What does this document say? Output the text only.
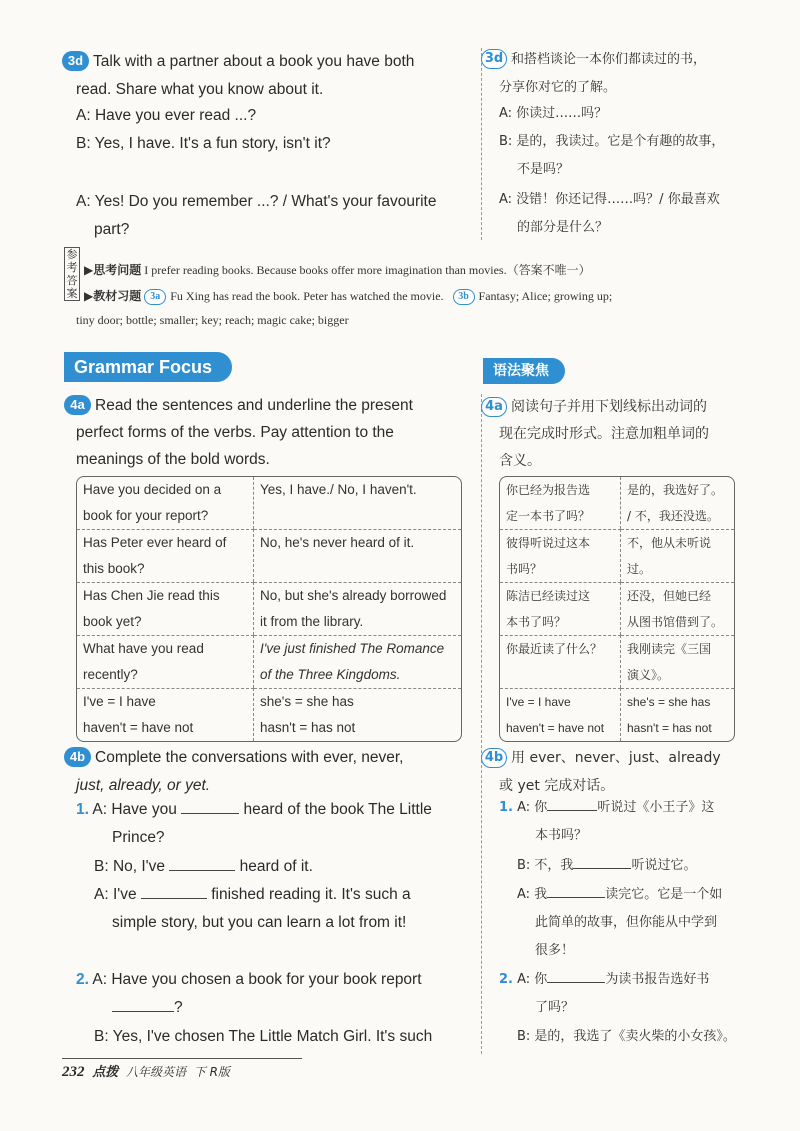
3d Talk with a partner about a book you have both
read. Share what you know about it.
A: Have you ever read ...?
B: Yes, I have. It's a fun story, isn't it?
A: Yes! Do you remember ...? / What's your favourite
part?
3d 和搭档谈论一本你们都读过的书，
分享你对它的了解。
A: 你读过……吗？
B: 是的，我读过。它是个有趣的故事，
不是吗？
A: 没错！你还记得……吗？/ 你最喜欢
的部分是什么？
参考答案
▶思考问题 I prefer reading books. Because books offer more imagination than movies.（答案不唯一）
▶教材习题 3a Fu Xing has read the book. Peter has watched the movie. 3b Fantasy; Alice; growing up;
tiny door; bottle; smaller; key; reach; magic cake; bigger
Grammar Focus	语法聚焦
4a Read the sentences and underline the present
perfect forms of the verbs. Pay attention to the
meanings of the bold words.
Have you decided on a
book for your report?	Yes, I have./ No, I haven't.

Has Peter ever heard of
this book?	No, he's never heard of it.

Has Chen Jie read this
book yet?	No, but she's already borrowed
it from the library.
What have you read
recently?	I've just finished The Romance
of the Three Kingdoms.
I've = I have
haven't = have not	she's = she has
hasn't = has not
4a 阅读句子并用下划线标出动词的
现在完成时形式。注意加粗单词的
含义。
你已经为报告选
定一本书了吗？	是的，我选好了。
/ 不，我还没选。
彼得听说过这本
书吗？	不，他从未听说
过。
陈洁已经读过这
本书了吗？	还没，但她已经
从图书馆借到了。
你最近读了什么？	我刚读完《三国
演义》。
I've = I have
haven't = have not	she's = she has
hasn't = has not
4b Complete the conversations with ever, never,
just, already, or yet.
1. A: Have you	heard of the book The Little
Prince?
B: No, I've	heard of it.
A: I've	finished reading it. It's such a
simple story, but you can learn a lot from it!
2. A: Have you chosen a book for your book report
?
B: Yes, I've chosen The Little Match Girl. It's such
4b 用 ever、never、just、already
或 yet 完成对话。
1. A: 你	听说过《小王子》这
本书吗？
B: 不，我	听说过它。
A: 我	读完它。它是一个如
此简单的故事，但你能从中学到
很多！
2. A: 你	为读书报告选好书
了吗？
B: 是的，我选了《卖火柴的小女孩》。
232 点拨 八年级英语 下 R版
